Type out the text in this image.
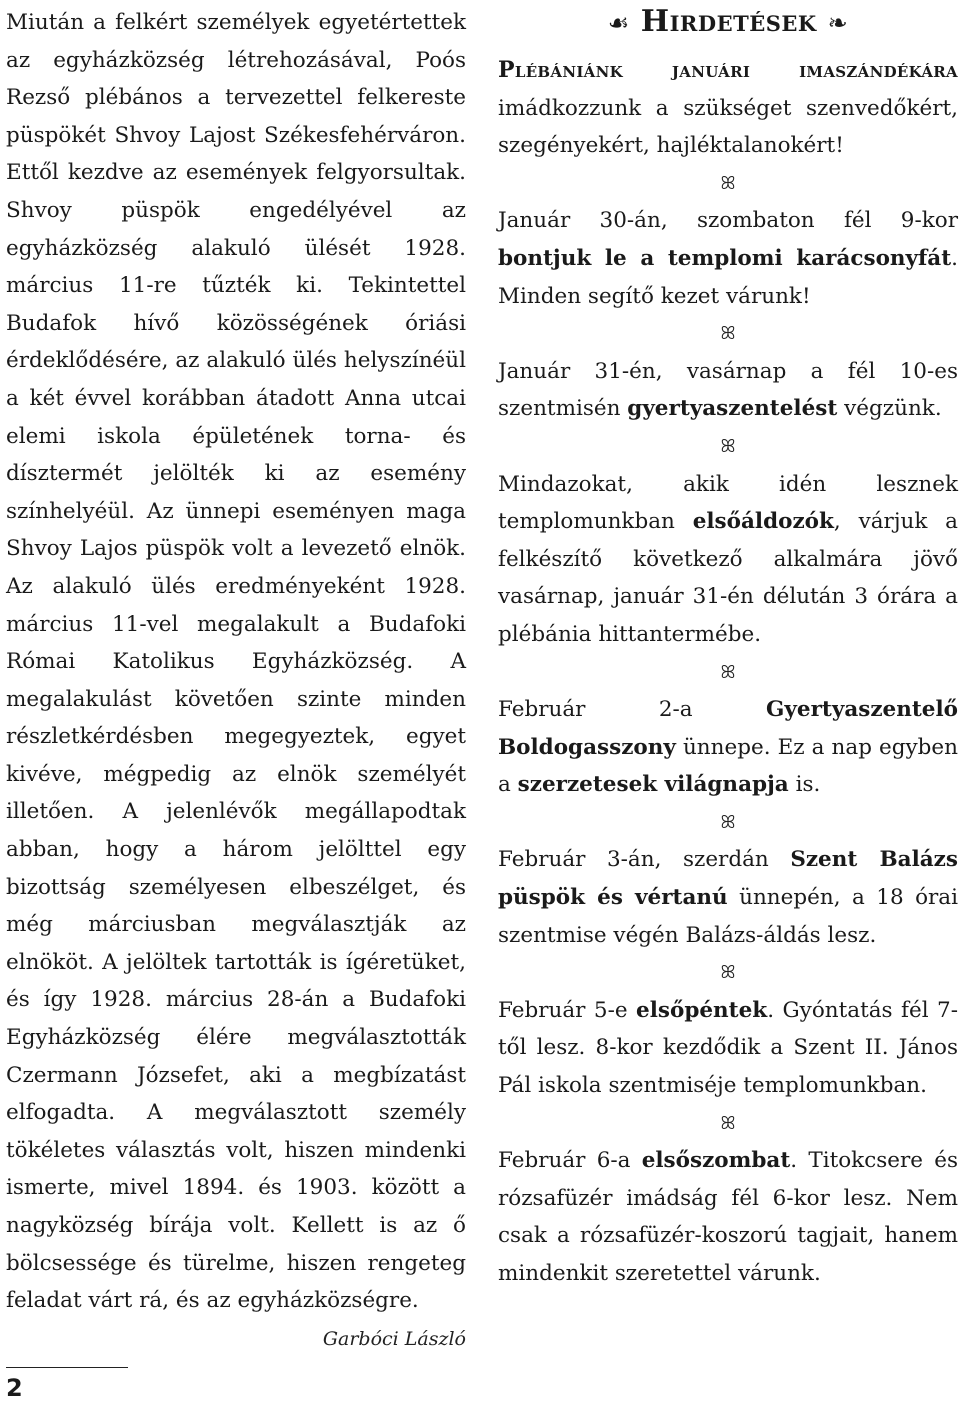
Miután a felkért személyek egyetértettek az egyházközség létrehozásával, Poós Rezső plébános a tervezettel felkereste püspökét Shvoy Lajost Székesfehérváron. Ettől kezdve az események felgyorsultak. Shvoy püspök engedélyével az egyházközség alakuló ülését 1928. március 11-re tűzték ki. Tekintettel Budafok hívő közösségének óriási érdeklődésére, az alakuló ülés helyszínéül a két évvel korábban átadott Anna utcai elemi iskola épületének torna- és dísztermét jelölték ki az esemény színhelyéül. Az ünnepi eseményen maga Shvoy Lajos püspök volt a levezető elnök. Az alakuló ülés eredményeként 1928. március 11-vel megalakult a Budafoki Római Katolikus Egyházközség. A megalakulást követően szinte minden részletkérdésben megegyeztek, egyet kivéve, mégpedig az elnök személyét illetően. A jelenlévők megállapodtak abban, hogy a három jelölttel egy bizottság személyesen elbeszélget, és még márciusban megválasztják az elnököt. A jelöltek tartották is ígéretüket, és így 1928. március 28-án a Budafoki Egyházközség élére megválasztották Czermann Józsefet, aki a megbízatást elfogadta. A megválasztott személy tökéletes választás volt, hiszen mindenki ismerte, mivel 1894. és 1903. között a nagyközség bírája volt. Kellett is az ő bölcsessége és türelme, hiszen rengeteg feladat várt rá, és az egyházközségre.

Garbóci László
2
☙ Hirdetések ❧

Plébániánk januári imaszándékára imádkozzunk a szükséget szenvedőkért, szegényekért, hajléktalanokért!

ꕤ

Január 30-án, szombaton fél 9-kor bontjuk le a templomi karácsonyfát. Minden segítő kezet várunk!

ꕤ

Január 31-én, vasárnap a fél 10-es szentmisén gyertyaszentelést végzünk.

ꕤ

Mindazokat, akik idén lesznek templomunkban elsőáldozók, várjuk a felkészítő következő alkalmára jövő vasárnap, január 31-én délután 3 órára a plébánia hittantermébe.

ꕤ

Február 2-a Gyertyaszentelő Boldogasszony ünnepe. Ez a nap egyben a szerzetesek világnapja is.

ꕤ

Február 3-án, szerdán Szent Balázs püspök és vértanú ünnepén, a 18 órai szentmise végén Balázs-áldás lesz.

ꕤ

Február 5-e elsőpéntek. Gyóntatás fél 7-től lesz. 8-kor kezdődik a Szent II. János Pál iskola szentmiséje templomunkban.

ꕤ

Február 6-a elsőszombat. Titokcsere és rózsafüzér imádság fél 6-kor lesz. Nem csak a rózsafüzér-koszorú tagjait, hanem mindenkit szeretettel várunk.
